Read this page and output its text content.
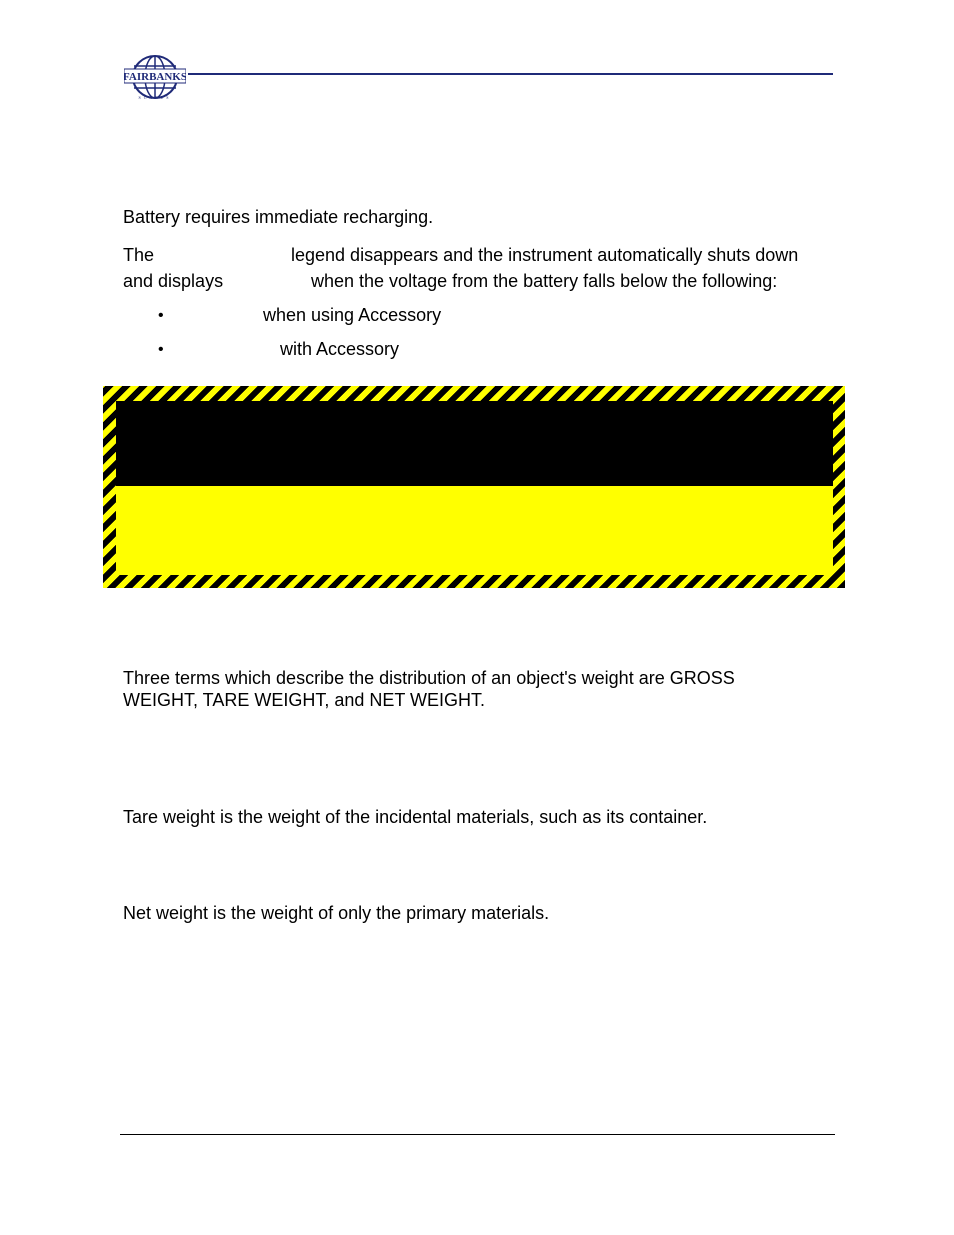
FAIRBANKS
SCALES
Battery requires immediate recharging.
The	legend disappears and the instrument automatically shuts down
and displays	when the voltage from the battery falls below the following:
•	when using Accessory
•	with Accessory
Three terms which describe the distribution of an object's weight are GROSS
WEIGHT, TARE WEIGHT, and NET WEIGHT.
Tare weight is the weight of the incidental materials, such as its container.
Net weight is the weight of only the primary materials.
